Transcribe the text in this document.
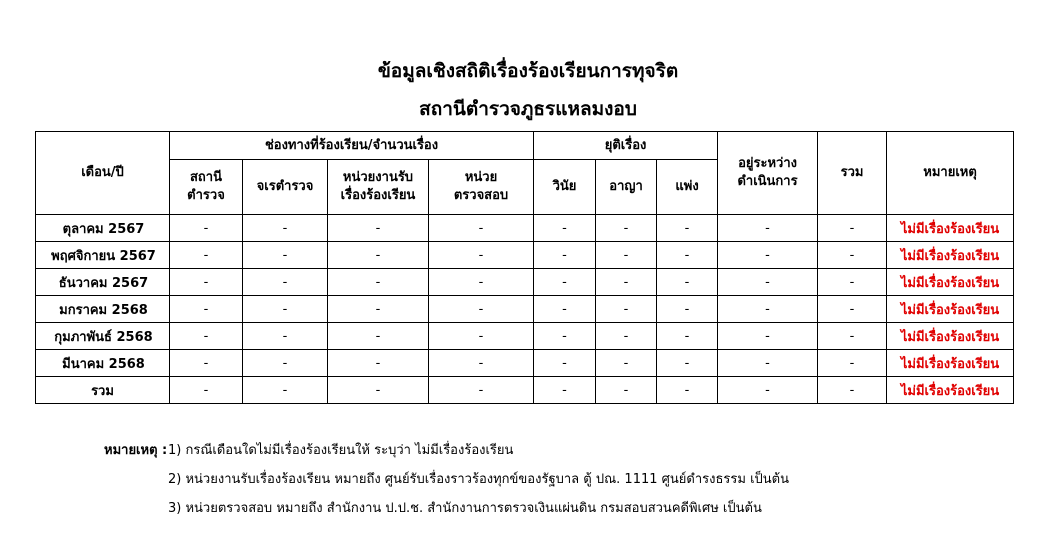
ข้อมูลเชิงสถิติเรื่องร้องเรียนการทุจริต
สถานีตำรวจภูธรแหลมงอบ
เดือน/ปี	ช่องทางที่ร้องเรียน/จำนวนเรื่อง				ยุติเรื่อง			อยู่ระหว่าง ดำเนินการ	รวม	หมายเหตุ

	สถานี ตำรวจ	จเรตำรวจ	หน่วยงานรับ เรื่องร้องเรียน	หน่วย ตรวจสอบ	วินัย	อาญา	แพ่ง			
ตุลาคม 2567	-	-	-	-	-	-	-	-	-	ไม่มีเรื่องร้องเรียน
พฤศจิกายน 2567	-	-	-	-	-	-	-	-	-	ไม่มีเรื่องร้องเรียน
ธันวาคม 2567	-	-	-	-	-	-	-	-	-	ไม่มีเรื่องร้องเรียน
มกราคม 2568	-	-	-	-	-	-	-	-	-	ไม่มีเรื่องร้องเรียน
กุมภาพันธ์ 2568	-	-	-	-	-	-	-	-	-	ไม่มีเรื่องร้องเรียน
มีนาคม 2568	-	-	-	-	-	-	-	-	-	ไม่มีเรื่องร้องเรียน
รวม	-	-	-	-	-	-	-	-	-	ไม่มีเรื่องร้องเรียน
หมายเหตุ :1) กรณีเดือนใดไม่มีเรื่องร้องเรียนให้ ระบุว่า ไม่มีเรื่องร้องเรียน
2) หน่วยงานรับเรื่องร้องเรียน หมายถึง ศูนย์รับเรื่องราวร้องทุกข์ของรัฐบาล ตู้ ปณ. 1111 ศูนย์ดำรงธรรม เป็นต้น
3) หน่วยตรวจสอบ หมายถึง สำนักงาน ป.ป.ช. สำนักงานการตรวจเงินแผ่นดิน กรมสอบสวนคดีพิเศษ เป็นต้น
